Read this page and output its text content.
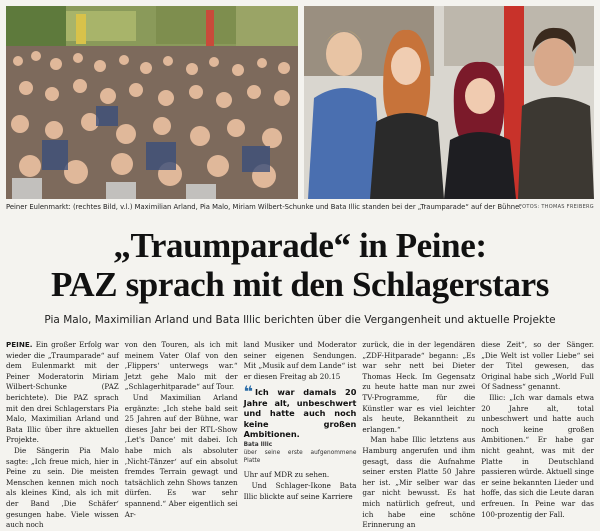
Peiner Eulenmarkt: (rechtes Bild, v.l.) Maximilian Arland, Pia Malo, Miriam Wilbert-Schunke und Bata Illic standen bei der „Traumparade“ auf der Bühne.
FOTOS: THOMAS FREIBERG
„Traumparade“ in Peine:
PAZ sprach mit den Schlagerstars

Pia Malo, Maximilian Arland und Bata Illic berichten über die Vergangenheit und aktuelle Projekte

PEINE. Ein großer Erfolg war wieder die „Traumparade“ auf dem Eulenmarkt mit der Peiner Moderatorin Miriam Wilbert-Schunke (PAZ berichtete). Die PAZ sprach mit den drei Schlagerstars Pia Malo, Maximilian Arland und Bata Illic über ihre aktuellen Projekte.

Die Sängerin Pia Malo sagte: „Ich freue mich, hier in Peine zu sein. Die meisten Menschen kennen mich noch als kleines Kind, als ich mit der Band ‚Die Schäfer‘ gesungen habe. Viele wissen auch noch

von den Touren, als ich mit meinem Vater Olaf von den ‚Flippers‘ unterwegs war.“ Jetzt gehe Malo mit der „Schlagerhitparade“ auf Tour.

Und Maximilian Arland ergänzte: „Ich stehe bald seit 25 Jahren auf der Bühne, war dieses Jahr bei der RTL-Show ‚Let's Dance‘ mit dabei. Ich habe mich als absoluter ‚Nicht-Tänzer‘ auf ein absolut fremdes Terrain gewagt und tatsächlich zehn Shows tanzen dürfen. Es war sehr spannend.“ Aber eigentlich sei Ar-

land Musiker und Moderator seiner eigenen Sendungen. Mit „Musik auf dem Lande“ ist er diesen Freitag ab 20.15

❝ Ich war damals 20 Jahre alt, unbeschwert und hatte auch noch keine großen Ambitionen.
Bata Illic
über seine erste aufgenommene Platte

Uhr auf MDR zu sehen.

Und Schlager-Ikone Bata Illic blickte auf seine Karriere

zurück, die in der legendären „ZDF-Hitparade“ begann: „Es war sehr nett bei Dieter Thomas Heck. Im Gegensatz zu heute hatte man nur zwei TV-Programme, für die Künstler war es viel leichter als heute, Bekanntheit zu erlangen.“

Man habe Illic letztens aus Hamburg angerufen und ihm gesagt, dass die Aufnahme seiner ersten Platte 50 Jahre her ist. „Mir selber war das gar nicht bewusst. Es hat mich natürlich gefreut, und ich habe eine schöne Erinnerung an

diese Zeit“, so der Sänger. „Die Welt ist voller Liebe“ sei der Titel gewesen, das Original habe sich „World Full Of Sadness“ genannt.

Illic: „Ich war damals etwa 20 Jahre alt, total unbeschwert und hatte auch noch keine großen Ambitionen.“ Er habe gar nicht geahnt, was mit der Platte in Deutschland passieren würde. Aktuell singe er seine bekannten Lieder und hoffe, das sich die Leute daran erfreuen. In Peine war das 100-prozentig der Fall.
